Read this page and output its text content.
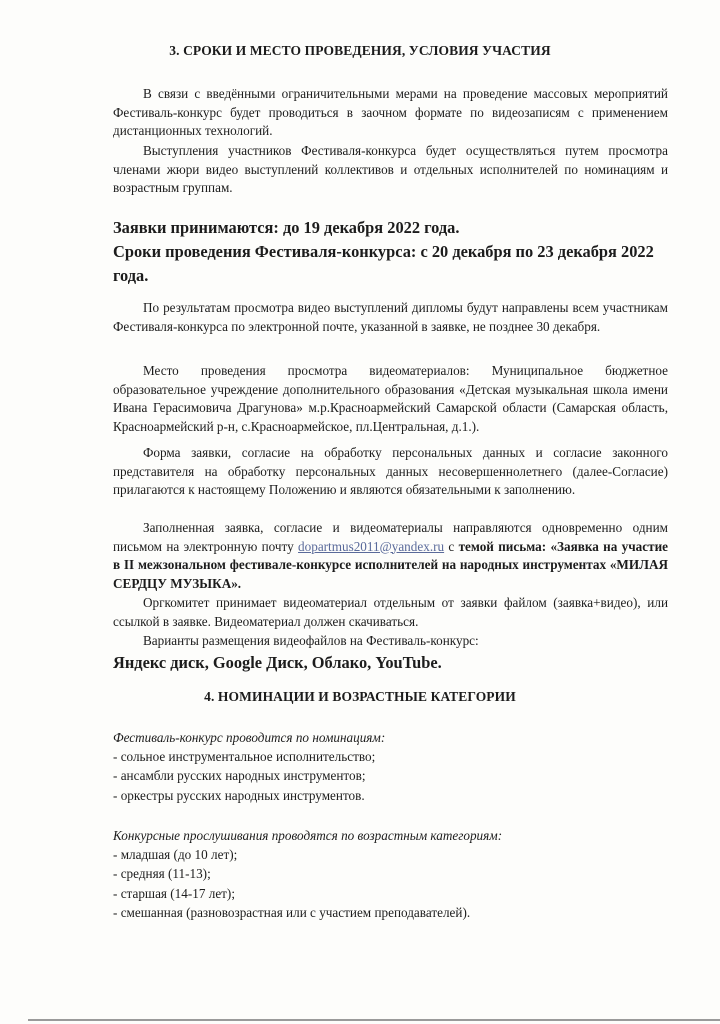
3. СРОКИ И МЕСТО ПРОВЕДЕНИЯ, УСЛОВИЯ УЧАСТИЯ

В связи с введёнными ограничительными мерами на проведение массовых мероприятий Фестиваль-конкурс будет проводиться в заочном формате по видеозаписям с применением дистанционных технологий.

Выступления участников Фестиваля-конкурса будет осуществляться путем просмотра членами жюри видео выступлений коллективов и отдельных исполнителей по номинациям и возрастным группам.

Заявки принимаются: до 19 декабря 2022 года.

Сроки проведения Фестиваля-конкурса: с 20 декабря по 23 декабря 2022 года.

По результатам просмотра видео выступлений дипломы будут направлены всем участникам Фестиваля-конкурса по электронной почте, указанной в заявке, не позднее 30 декабря.

Место проведения просмотра видеоматериалов: Муниципальное бюджетное образовательное учреждение дополнительного образования «Детская музыкальная школа имени Ивана Герасимовича Драгунова» м.р.Красноармейский Самарской области (Самарская область, Красноармейский р-н, с.Красноармейское, пл.Центральная, д.1.).

Форма заявки, согласие на обработку персональных данных и согласие законного представителя на обработку персональных данных несовершеннолетнего (далее-Согласие) прилагаются к настоящему Положению и являются обязательными к заполнению.

Заполненная заявка, согласие и видеоматериалы направляются одновременно одним письмом на электронную почту dopartmus2011@yandex.ru с темой письма: «Заявка на участие в II межзональном фестивале-конкурсе исполнителей на народных инструментах «МИЛАЯ СЕРДЦУ МУЗЫКА».

Оргкомитет принимает видеоматериал отдельным от заявки файлом (заявка+видео), или ссылкой в заявке. Видеоматериал должен скачиваться.

Варианты размещения видеофайлов на Фестиваль-конкурс:

Яндекс диск, Google Диск, Облако, YouTube.

4. НОМИНАЦИИ И ВОЗРАСТНЫЕ КАТЕГОРИИ
Фестиваль-конкурс проводится по номинациям:
- сольное инструментальное исполнительство;
- ансамбли русских народных инструментов;
- оркестры русских народных инструментов.
Конкурсные прослушивания проводятся по возрастным категориям:
- младшая (до 10 лет);
- средняя (11-13);
- старшая (14-17 лет);
- смешанная (разновозрастная или с участием преподавателей).
